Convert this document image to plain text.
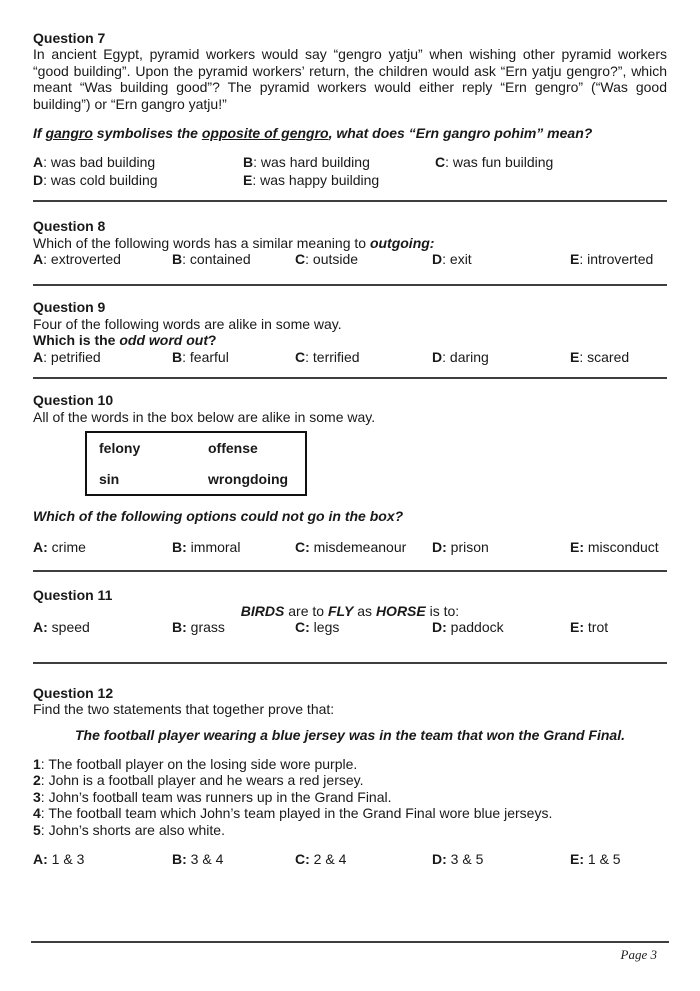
Question 7

In ancient Egypt, pyramid workers would say “gengro yatju” when wishing other pyramid workers “good building”. Upon the pyramid workers’ return, the children would ask “Ern yatju gengro?”, which meant “Was building good”? The pyramid workers would either reply “Ern gengro” (“Was good building”) or “Ern gangro yatju!”

If gangro symbolises the opposite of gengro, what does “Ern gangro pohim” mean?

A: was bad building	B: was hard building	C: was fun building
D: was cold building	E: was happy building
Question 8

Which of the following words has a similar meaning to outgoing:

A: extroverted	B: contained	C: outside	D: exit	E: introverted
Question 9

Four of the following words are alike in some way.

Which is the odd word out?

A: petrified	B: fearful	C: terrified	D: daring	E: scared
Question 10

All of the words in the box below are alike in some way.

felony	offense
sin	wrongdoing

Which of the following options could not go in the box?

A: crime	B: immoral	C: misdemeanour	D: prison	E: misconduct
Question 11

BIRDS are to FLY as HORSE is to:

A: speed	B: grass	C: legs	D: paddock	E: trot
Question 12

Find the two statements that together prove that:

The football player wearing a blue jersey was in the team that won the Grand Final.

1: The football player on the losing side wore purple.

2: John is a football player and he wears a red jersey.

3: John’s football team was runners up in the Grand Final.

4: The football team which John’s team played in the Grand Final wore blue jerseys.

5: John’s shorts are also white.

A: 1 & 3	B: 3 & 4	C: 2 & 4	D: 3 & 5	E: 1 & 5
Page 3
